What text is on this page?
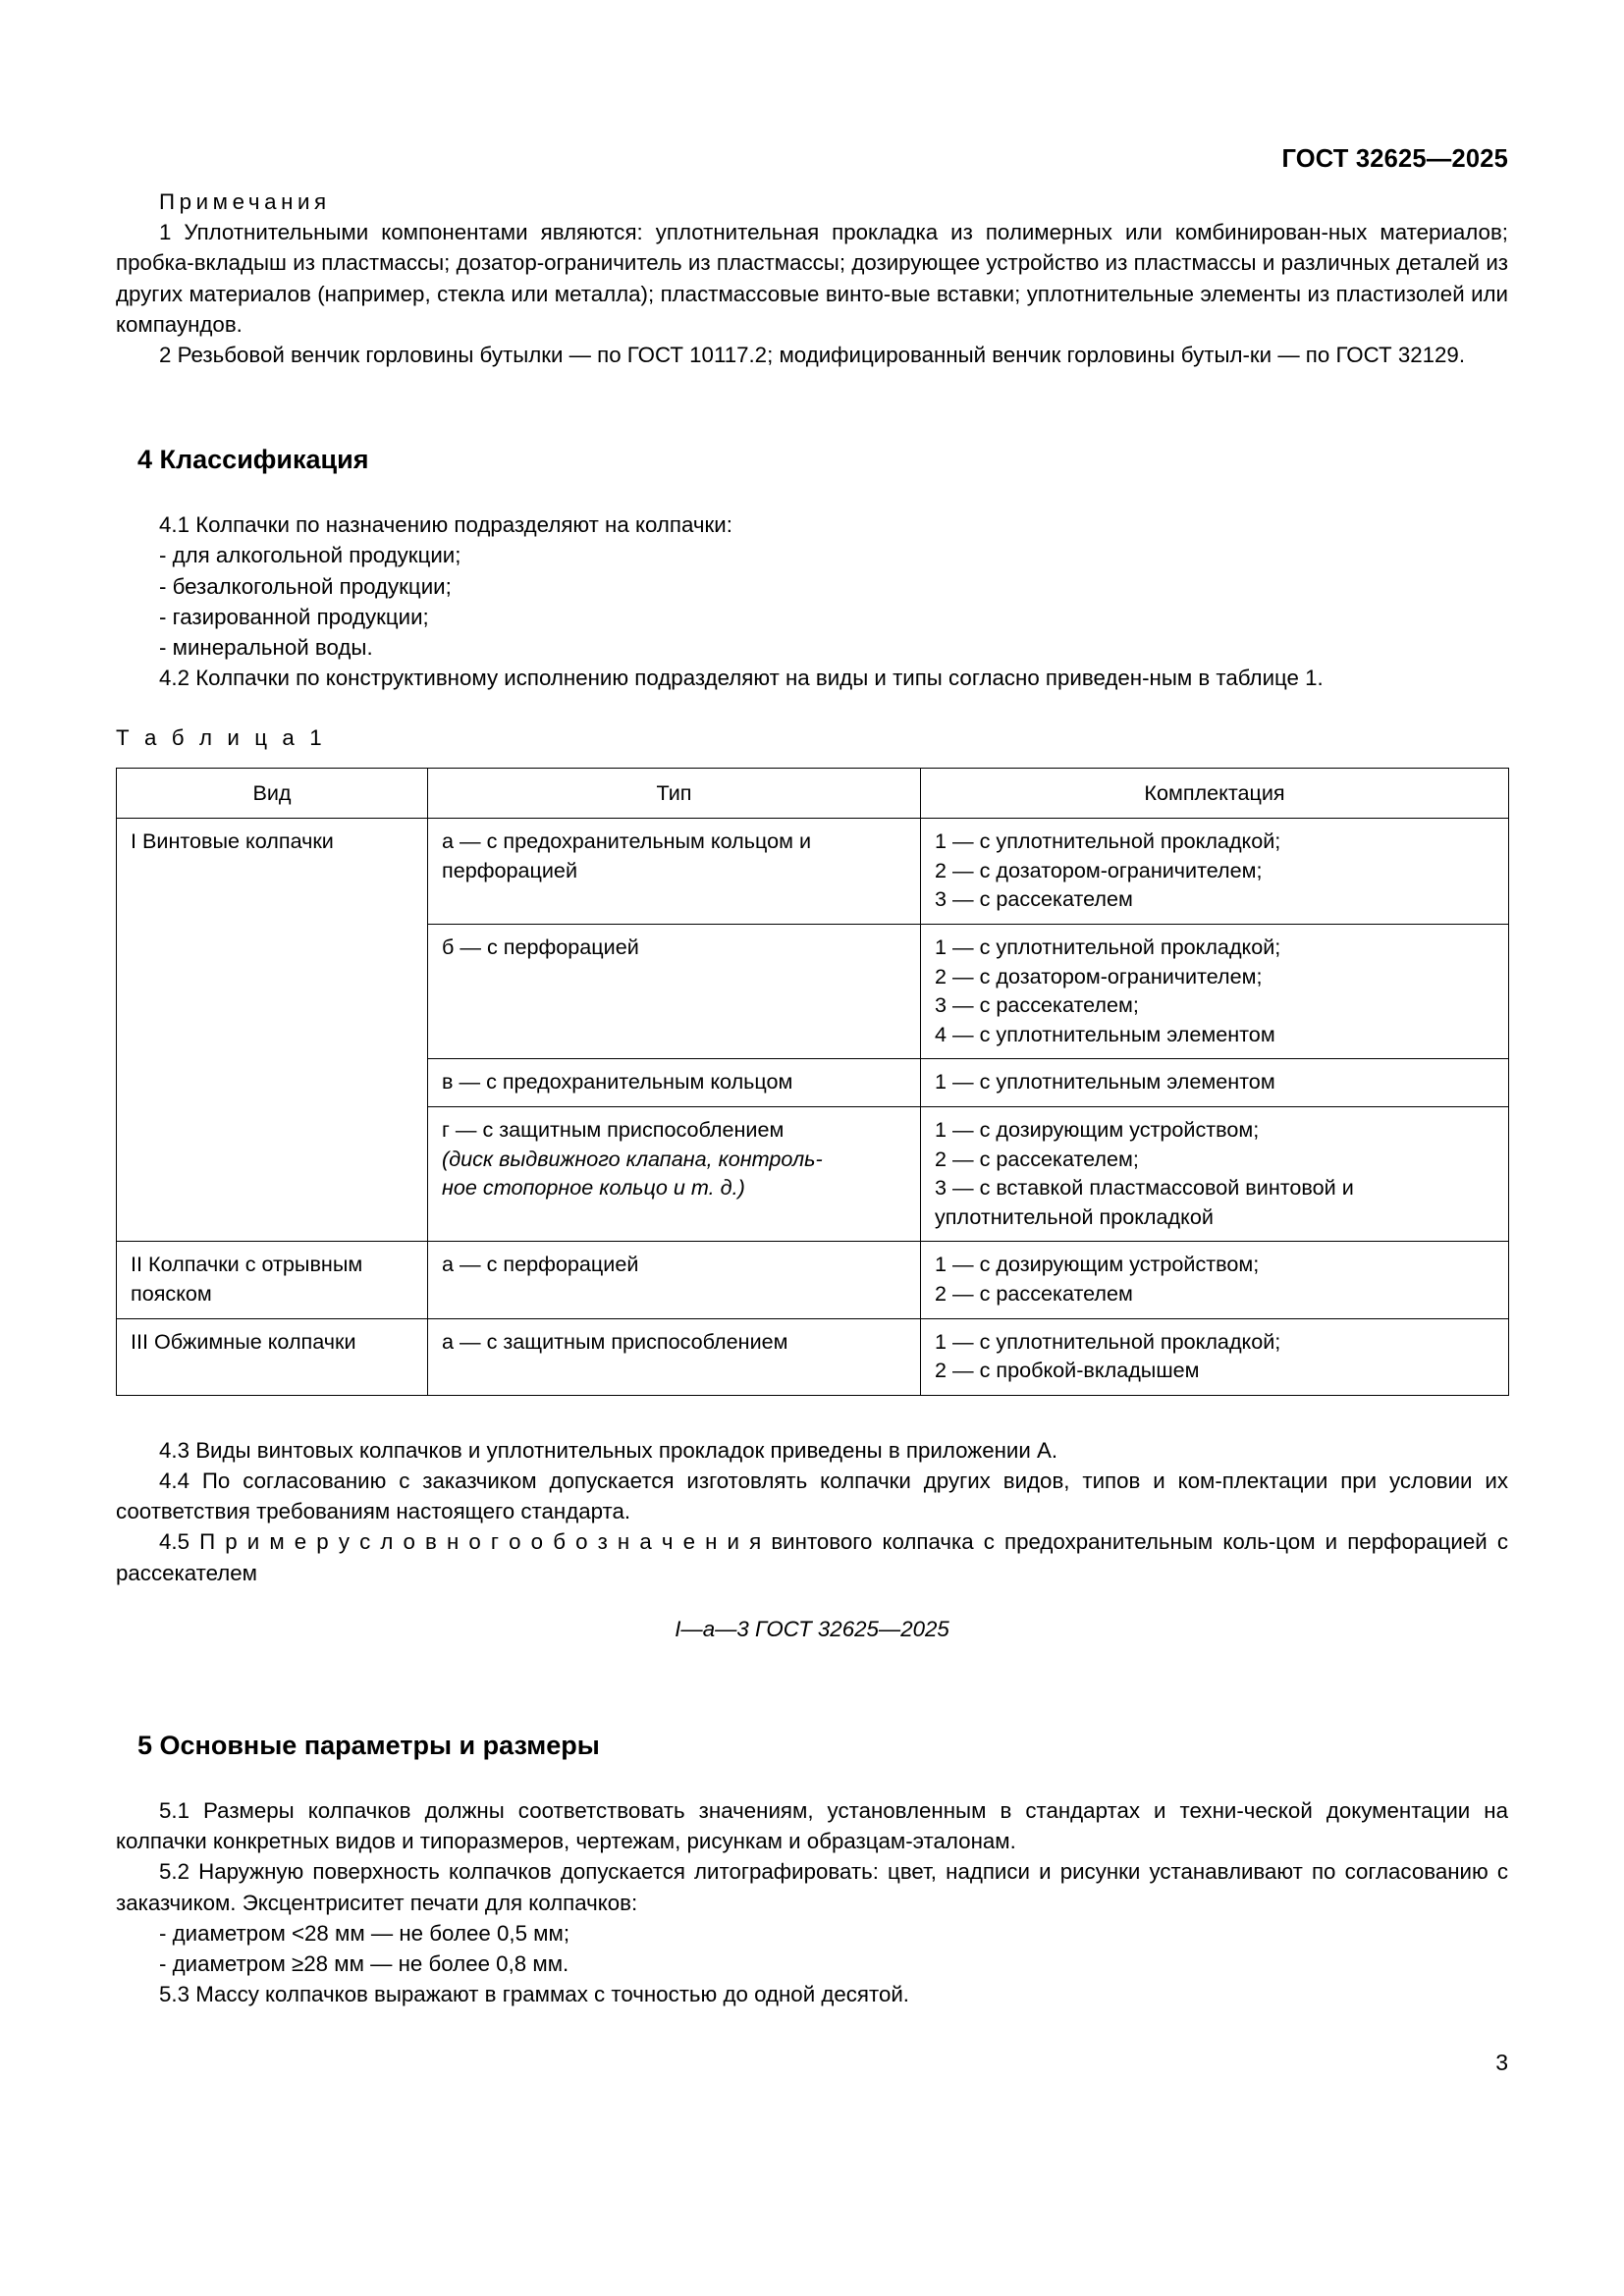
ГОСТ 32625—2025

Примечания

1 Уплотнительными компонентами являются: уплотнительная прокладка из полимерных или комбинирован-ных материалов; пробка-вкладыш из пластмассы; дозатор-ограничитель из пластмассы; дозирующее устройство из пластмассы и различных деталей из других материалов (например, стекла или металла); пластмассовые винто-вые вставки; уплотнительные элементы из пластизолей или компаундов.

2 Резьбовой венчик горловины бутылки — по ГОСТ 10117.2; модифицированный венчик горловины бутыл-ки — по ГОСТ 32129.

4 Классификация

4.1 Колпачки по назначению подразделяют на колпачки:

- для алкогольной продукции;

- безалкогольной продукции;

- газированной продукции;

- минеральной воды.

4.2 Колпачки по конструктивному исполнению подразделяют на виды и типы согласно приведен-ным в таблице 1.

Т а б л и ц а 1

Вид	Тип	Комплектация
I Винтовые колпачки	а — с предохранительным кольцом и
перфорацией	1 — с уплотнительной прокладкой;
2 — с дозатором-ограничителем;
3 — с рассекателем

	б — с перфорацией	1 — с уплотнительной прокладкой;
2 — с дозатором-ограничителем;
3 — с рассекателем;
4 — с уплотнительным элементом

	в — с предохранительным кольцом	1 — с уплотнительным элементом

	г — с защитным приспособлением
(диск выдвижного клапана, контроль-
ное стопорное кольцо и т. д.)	1 — с дозирующим устройством;
2 — с рассекателем;
3 — с вставкой пластмассовой винтовой и
уплотнительной прокладкой

II Колпачки с отрывным пояском	а — с перфорацией	1 — с дозирующим устройством;
2 — с рассекателем

III Обжимные колпачки	а — с защитным приспособлением	1 — с уплотнительной прокладкой;
2 — с пробкой-вкладышем

4.3 Виды винтовых колпачков и уплотнительных прокладок приведены в приложении А.

4.4 По согласованию с заказчиком допускается изготовлять колпачки других видов, типов и ком-плектации при условии их соответствия требованиям настоящего стандарта.

4.5 П р и м е р у с л о в н о г о о б о з н а ч е н и я винтового колпачка с предохранительным коль-цом и перфорацией с рассекателем

I—а—3 ГОСТ 32625—2025

5 Основные параметры и размеры

5.1 Размеры колпачков должны соответствовать значениям, установленным в стандартах и техни-ческой документации на колпачки конкретных видов и типоразмеров, чертежам, рисункам и образцам-эталонам.

5.2 Наружную поверхность колпачков допускается литографировать: цвет, надписи и рисунки устанавливают по согласованию с заказчиком. Эксцентриситет печати для колпачков:

- диаметром <28 мм — не более 0,5 мм;

- диаметром ≥28 мм — не более 0,8 мм.

5.3 Массу колпачков выражают в граммах с точностью до одной десятой.

3
